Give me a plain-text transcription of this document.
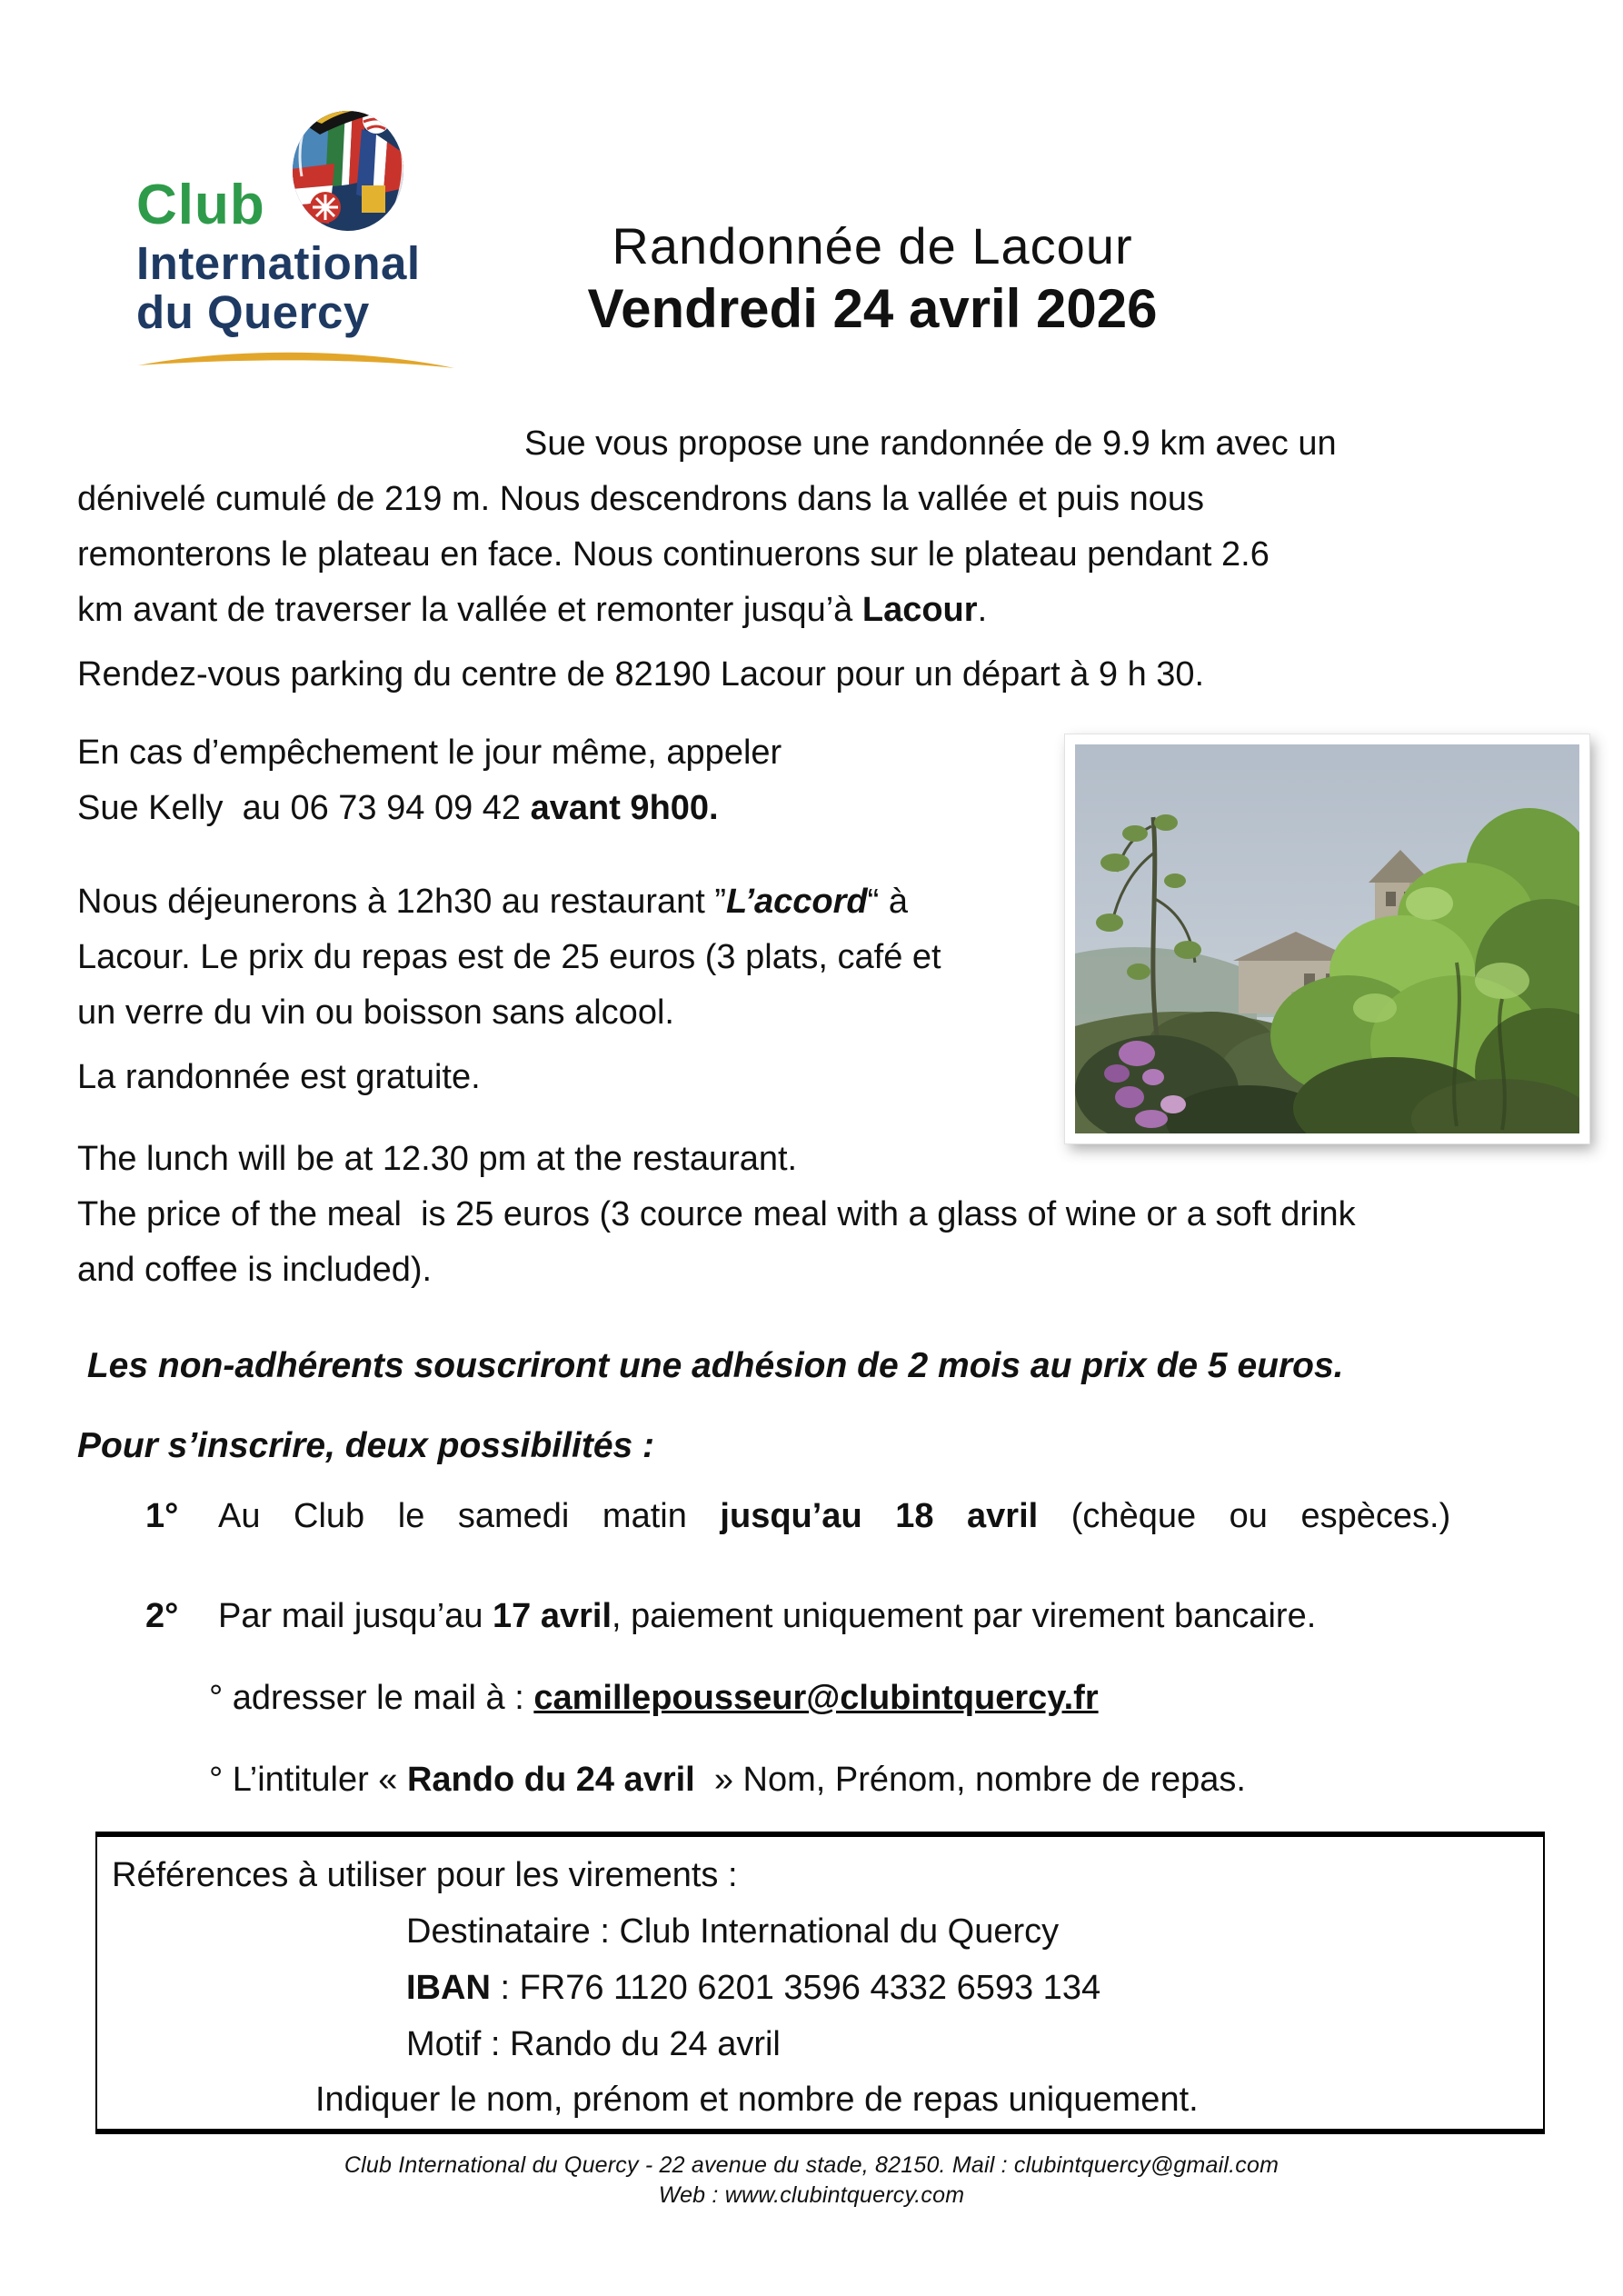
Club
International
du Quercy
Randonnée de Lacour
Vendredi 24 avril 2026
Sue vous propose une randonnée de 9.9 km avec un
dénivelé cumulé de 219 m. Nous descendrons dans la vallée et puis nous
remonterons le plateau en face. Nous continuerons sur le plateau pendant 2.6
km avant de traverser la vallée et remonter jusqu’à Lacour.
Rendez-vous parking du centre de 82190 Lacour pour un départ à 9 h 30.
En cas d’empêchement le jour même, appeler
Sue Kelly  au 06 73 94 09 42 avant 9h00.
Nous déjeunerons à 12h30 au restaurant ”L’accord“ à
Lacour. Le prix du repas est de 25 euros (3 plats, café et
un verre du vin ou boisson sans alcool.
La randonnée est gratuite.
The lunch will be at 12.30 pm at the restaurant.
The price of the meal  is 25 euros (3 cource meal with a glass of wine or a soft drink
and coffee is included).
Les non-adhérents souscriront une adhésion de 2 mois au prix de 5 euros.
Pour s’inscrire, deux possibilités :
1°	Au Club le samedi matin jusqu’au 18 avril (chèque ou espèces.)
2°	Par mail jusqu’au 17 avril, paiement uniquement par virement bancaire.
° adresser le mail à : camillepousseur@clubintquercy.fr
° L’intituler « Rando du 24 avril  » Nom, Prénom, nombre de repas.
Références à utiliser pour les virements :
Destinataire : Club International du Quercy
IBAN : FR76 1120 6201 3596 4332 6593 134
Motif : Rando du 24 avril
Indiquer le nom, prénom et nombre de repas uniquement.
Club International du Quercy - 22 avenue du stade, 82150. Mail : clubintquercy@gmail.com
Web : www.clubintquercy.com
